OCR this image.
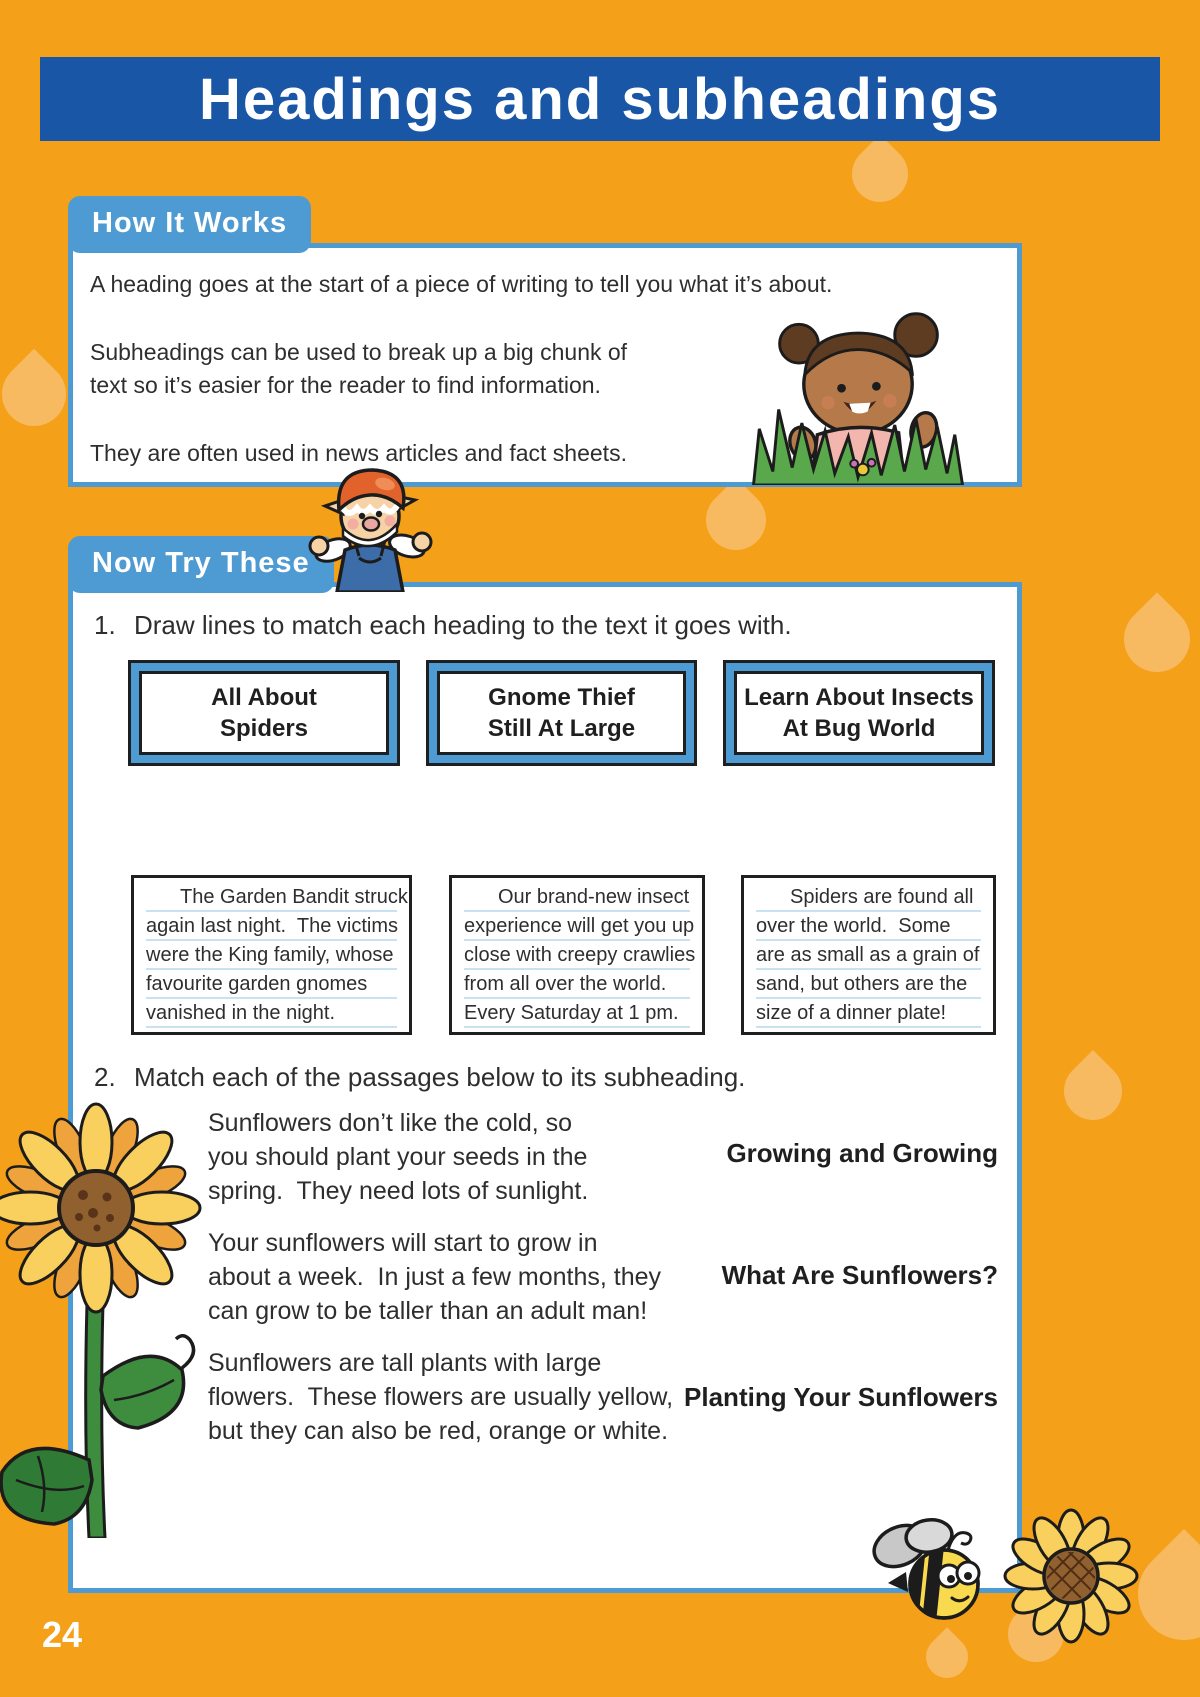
Headings and subheadings
How It Works

A heading goes at the start of a piece of writing to tell you what it’s about.

Subheadings can be used to break up a big chunk of
text so it’s easier for the reader to find information.

They are often used in news articles and fact sheets.

Now Try These
1. Draw lines to match each heading to the text it goes with.
All About
Spiders
Gnome Thief
Still At Large
Learn About Insects
At Bug World

The Garden Bandit struck
again last night.  The victims
were the King family, whose
favourite garden gnomes
vanished in the night.

Our brand-new insect
experience will get you up
close with creepy crawlies
from all over the world.
Every Saturday at 1 pm.

Spiders are found all
over the world.  Some
are as small as a grain of
sand, but others are the
size of a dinner plate!

2. Match each of the passages below to its subheading.

Sunflowers don’t like the cold, so
you should plant your seeds in the
spring.  They need lots of sunlight.

Your sunflowers will start to grow in
about a week.  In just a few months, they
can grow to be taller than an adult man!

Sunflowers are tall plants with large
flowers.  These flowers are usually yellow,
but they can also be red, orange or white.

Growing and Growing
What Are Sunflowers?
Planting Your Sunflowers
24
